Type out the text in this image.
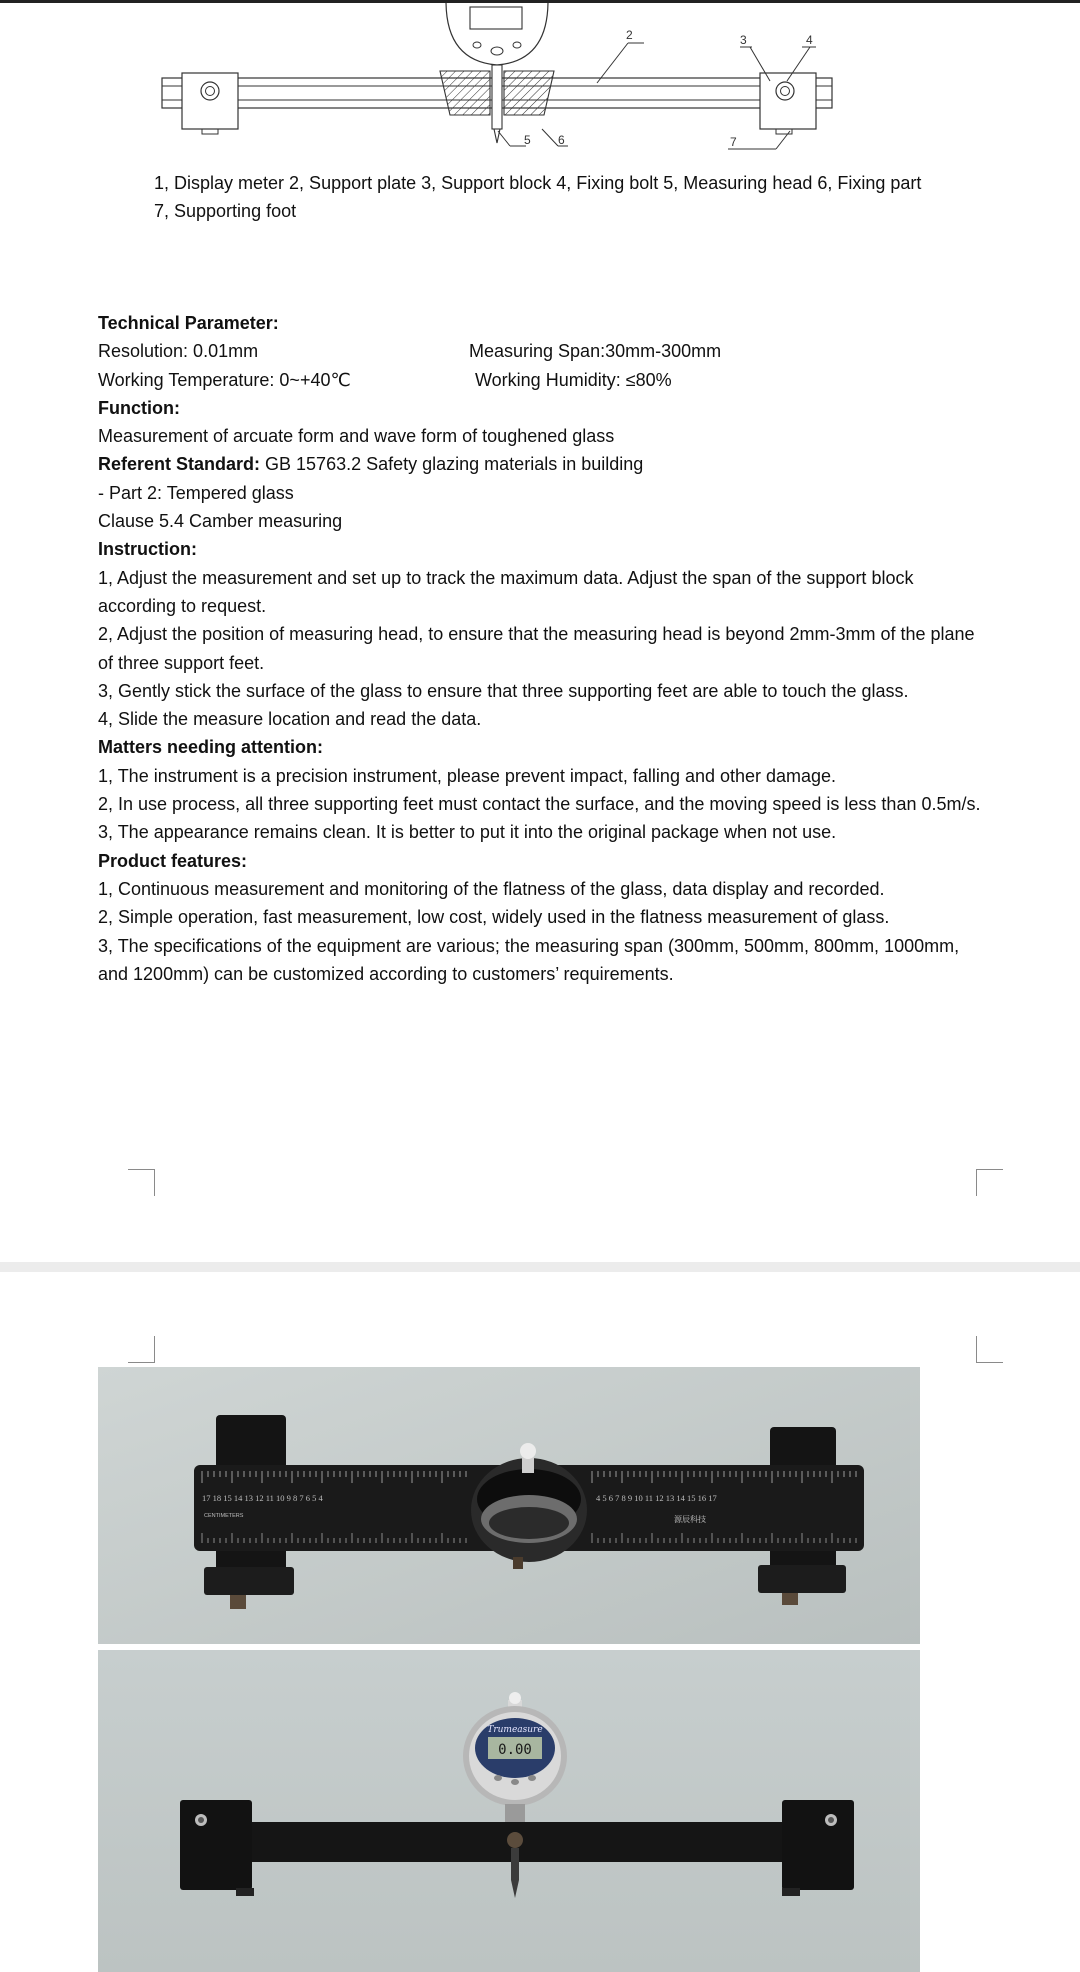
2	3	4
5 6	7
1, Display meter 2, Support plate 3, Support block 4, Fixing bolt 5, Measuring head 6, Fixing part
7, Supporting foot

Technical Parameter:

Resolution: 0.01mm	Measuring Span:30mm-300mm
Working Temperature: 0~+40℃	Working Humidity: ≤80%

Function:

Measurement of arcuate form and wave form of toughened glass

Referent Standard: GB 15763.2 Safety glazing materials in building

- Part 2: Tempered glass

Clause 5.4 Camber measuring

Instruction:

1, Adjust the measurement and set up to track the maximum data. Adjust the span of the support block according to request.

2, Adjust the position of measuring head, to ensure that the measuring head is beyond 2mm-3mm of the plane of three support feet.

3, Gently stick the surface of the glass to ensure that three supporting feet are able to touch the glass.

4, Slide the measure location and read the data.

Matters needing attention:

1, The instrument is a precision instrument, please prevent impact, falling and other damage.

2, In use process, all three supporting feet must contact the surface, and the moving speed is less than 0.5m/s.

3, The appearance remains clean. It is better to put it into the original package when not use.

Product features:

1, Continuous measurement and monitoring of the flatness of the glass, data display and recorded.

2, Simple operation, fast measurement, low cost, widely used in the flatness measurement of glass.

3, The specifications of the equipment are various; the measuring span (300mm, 500mm, 800mm, 1000mm, and 1200mm) can be customized according to customers’ requirements.

17 18 15 14 13 12 11 10 9 8 7 6 5 4	4 5 6 7 8 9 10 11 12 13 14 15 16 17
CENTIMETERS	源辰科技
Trumeasure
0.00
